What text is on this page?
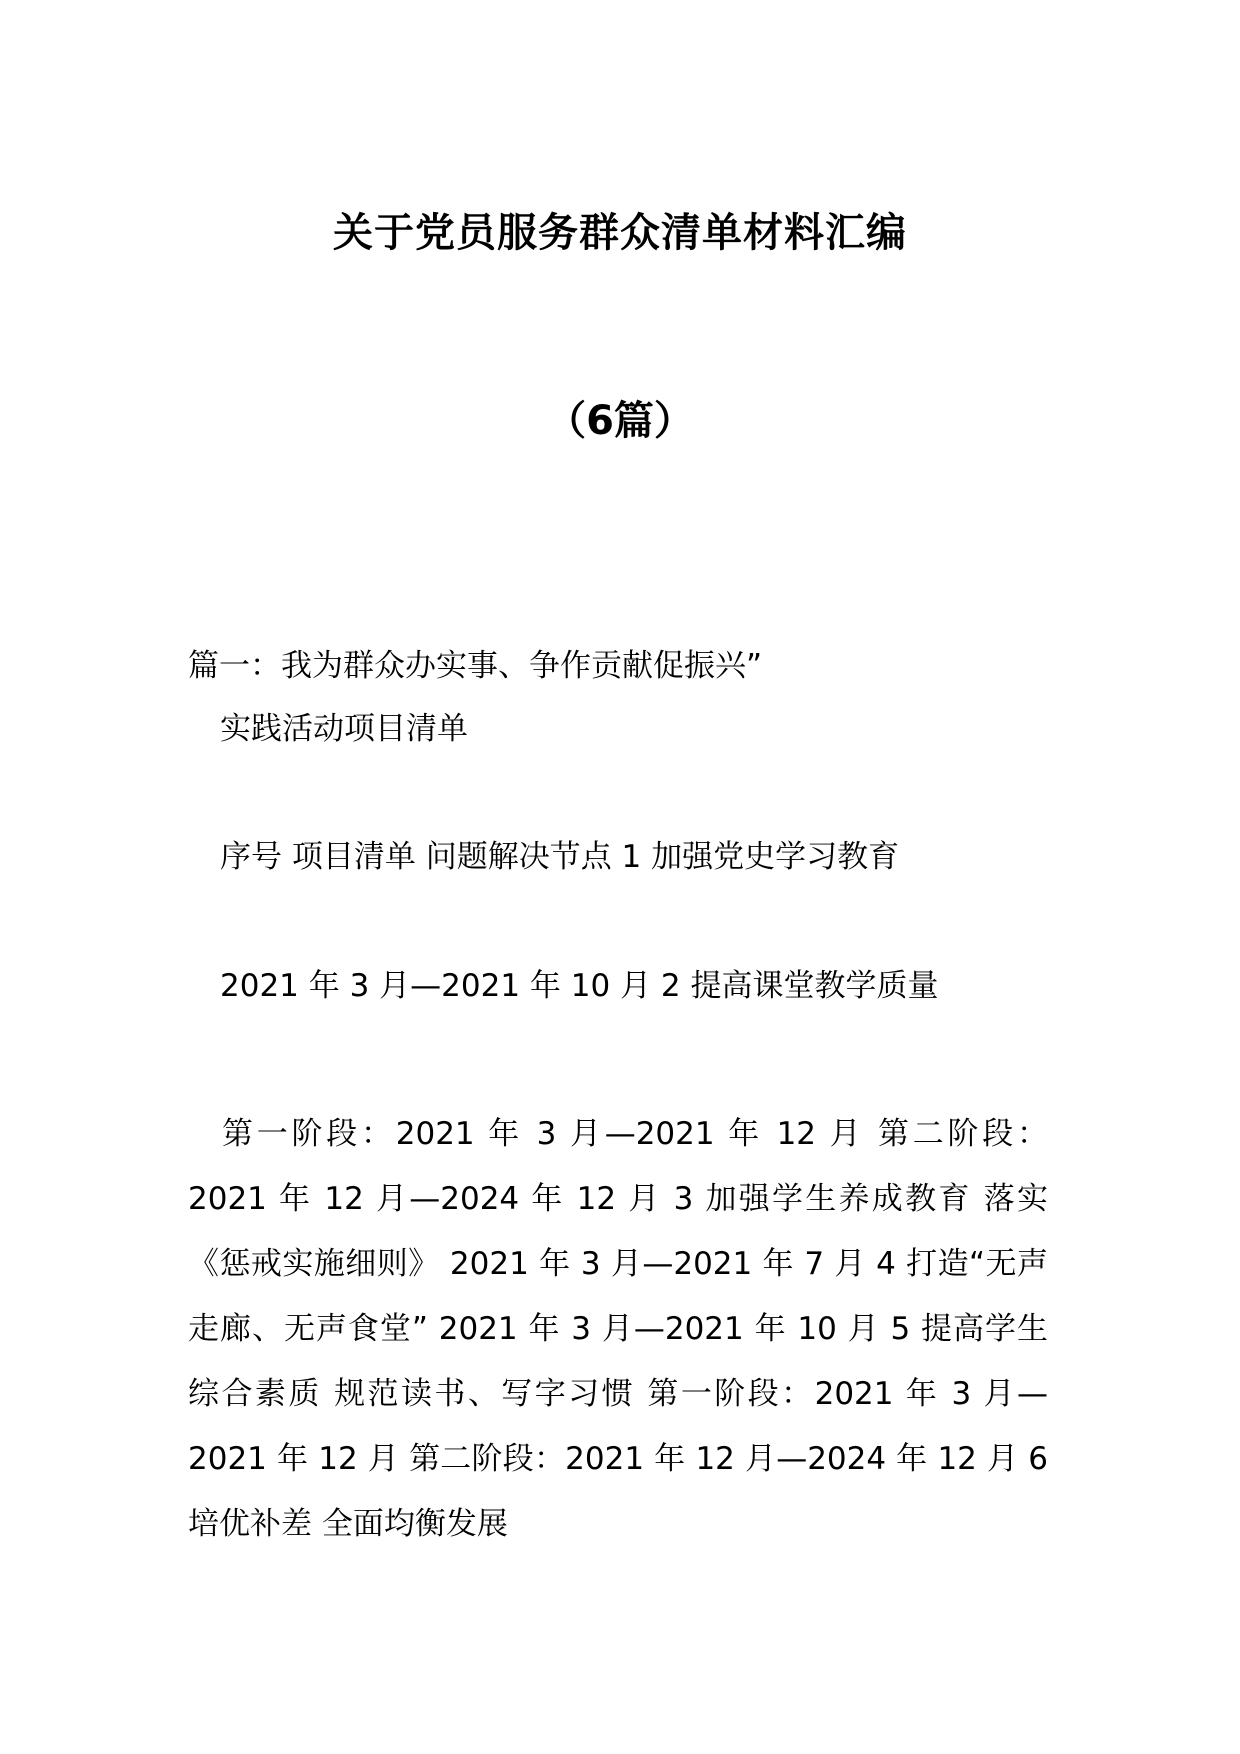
关于党员服务群众清单材料汇编
（6篇）

篇一：我为群众办实事、争作贡献促振兴”

实践活动项目清单

序号 项目清单 问题解决节点 1 加强党史学习教育

2021 年 3 月—2021 年 10 月 2 提高课堂教学质量

第一阶段：2021 年 3 月—2021 年 12 月 第二阶段：2021 年 12 月—2024 年 12 月 3 加强学生养成教育 落实《惩戒实施细则》 2021 年 3 月—2021 年 7 月 4 打造“无声走廊、无声食堂” 2021 年 3 月—2021 年 10 月 5 提高学生综合素质 规范读书、写字习惯 第一阶段：2021 年 3 月—2021 年 12 月 第二阶段：2021 年 12 月—2024 年 12 月 6 培优补差 全面均衡发展
